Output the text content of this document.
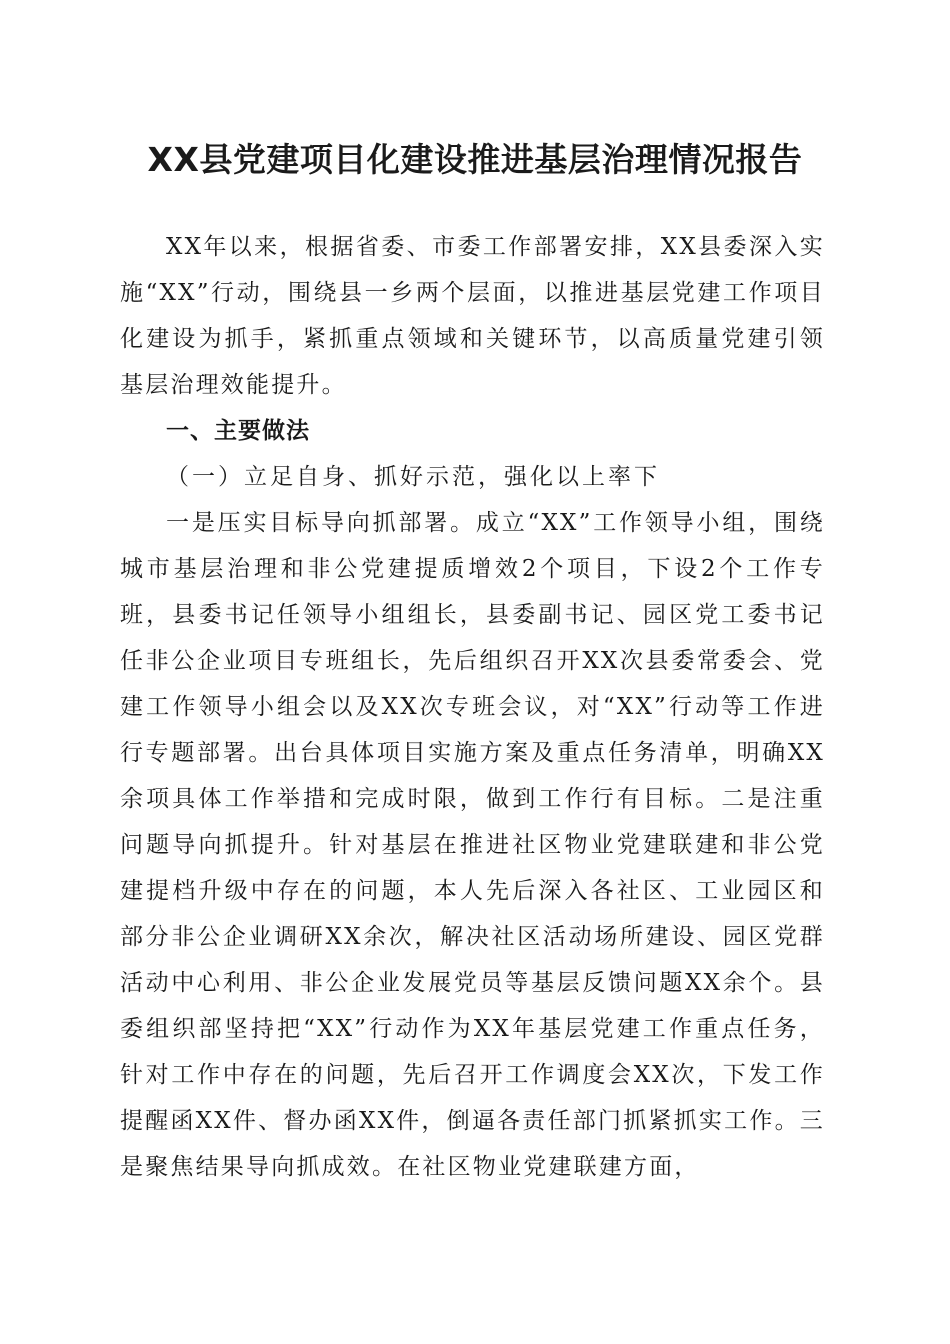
XX县党建项目化建设推进基层治理情况报告

XX年以来，根据省委、市委工作部署安排，XX县委深入实施“XX”行动，围绕县一乡两个层面，以推进基层党建工作项目化建设为抓手，紧抓重点领域和关键环节，以高质量党建引领基层治理效能提升。

一、主要做法

（一）立足自身、抓好示范，强化以上率下

一是压实目标导向抓部署。成立“XX”工作领导小组，围绕城市基层治理和非公党建提质增效2个项目，下设2个工作专班，县委书记任领导小组组长，县委副书记、园区党工委书记任非公企业项目专班组长，先后组织召开XX次县委常委会、党建工作领导小组会以及XX次专班会议，对“XX”行动等工作进行专题部署。出台具体项目实施方案及重点任务清单，明确XX余项具体工作举措和完成时限，做到工作行有目标。二是注重问题导向抓提升。针对基层在推进社区物业党建联建和非公党建提档升级中存在的问题，本人先后深入各社区、工业园区和部分非公企业调研XX余次，解决社区活动场所建设、园区党群活动中心利用、非公企业发展党员等基层反馈问题XX余个。县委组织部坚持把“XX”行动作为XX年基层党建工作重点任务，针对工作中存在的问题，先后召开工作调度会XX次，下发工作提醒函XX件、督办函XX件，倒逼各责任部门抓紧抓实工作。三是聚焦结果导向抓成效。在社区物业党建联建方面，
